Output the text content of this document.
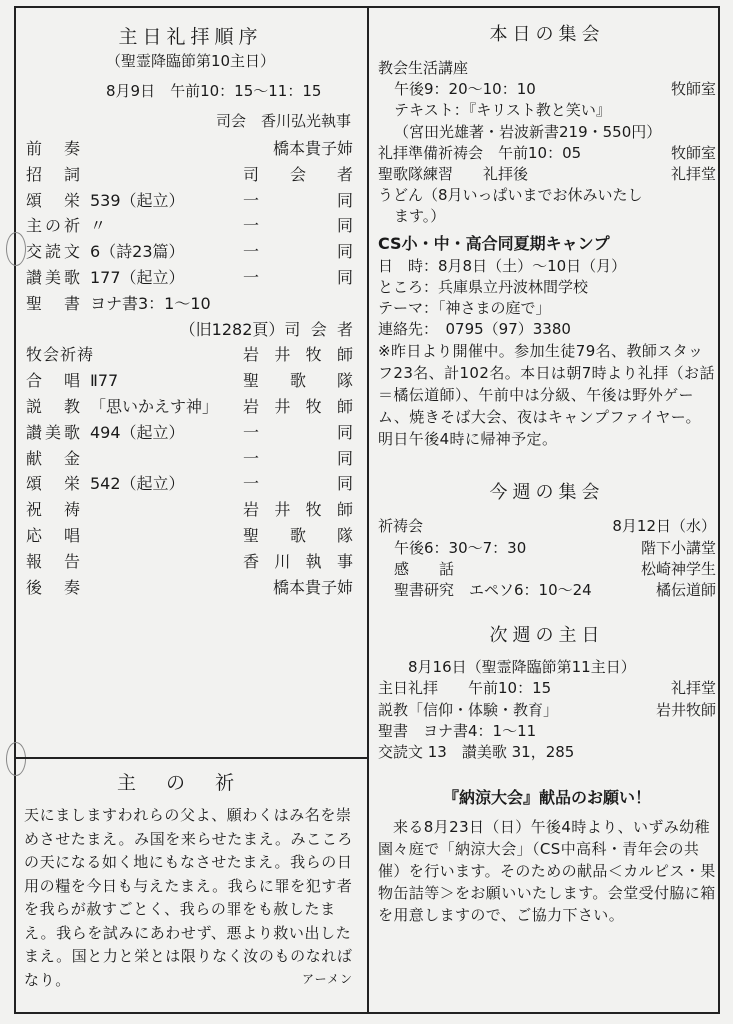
主日礼拝順序
（聖霊降臨節第10主日）
8月9日　午前10：15〜11：15
司会　香川弘光執事
前 奏	橋本貴子姉
招 詞	司会者
頌 栄 539（起立）	一同
主 の 祈 〃	一同
交 読 文 6（詩23篇）	一同
讃 美 歌 177（起立）	一同
聖 書 ヨナ書3：1〜10
（旧1282頁） 司会者
牧会祈祷	岩井牧師
合 唱 Ⅱ77	聖歌隊
説 教 「思いかえす神」	岩井牧師
讃 美 歌 494（起立）	一同
献 金	一同
頌 栄 542（起立）	一同
祝 祷	岩井牧師
応 唱	聖歌隊
報 告	香川執事
後 奏	橋本貴子姉
主の祈
天にましますわれらの父よ、願わくはみ名を崇めさせたまえ。み国を来らせたまえ。みこころの天になる如く地にもなさせたまえ。我らの日用の糧を今日も与えたまえ。我らに罪を犯す者を我らが赦すごとく、我らの罪をも赦したまえ。我らを試みにあわせず、悪より救い出したまえ。国と力と栄とは限りなく汝のものなればなり。	アーメン
本日の集会
教会生活講座
午後9：20〜10：10	牧師室
テキスト：『キリスト教と笑い』
（宮田光雄著・岩波新書219・550円）
礼拝準備祈祷会　午前10：05	牧師室
聖歌隊練習　　礼拝後	礼拝堂
うどん（8月いっぱいまでお休みいたし
ます。）
CS小・中・高合同夏期キャンプ
日　時：8月8日（土）〜10日（月）
ところ：兵庫県立丹波林間学校
テーマ：「神さまの庭で」
連絡先：　0795（97）3380
※昨日より開催中。参加生徒79名、教師スタッフ23名、計102名。本日は朝7時より礼拝（お話＝橘伝道師）、午前中は分級、午後は野外ゲーム、焼きそば大会、夜はキャンプファイヤー。明日午後4時に帰神予定。
今週の集会
祈祷会	8月12日（水）
午後6：30〜7：30	階下小講堂
感　　話	松崎神学生
聖書研究　エペソ6：10〜24	橘伝道師
次週の主日
8月16日（聖霊降臨節第11主日）
主日礼拝　　午前10：15	礼拝堂
説教「信仰・体験・教育」	岩井牧師
聖書　ヨナ書4：1〜11
交読文 13　讃美歌 31，285
『納涼大会』献品のお願い！
来る8月23日（日）午後4時より、いずみ幼稚園々庭で「納涼大会」（CS中高科・青年会の共催）を行います。そのための献品＜カルピス・果物缶詰等＞をお願いいたします。会堂受付脇に箱を用意しますので、ご協力下さい。
